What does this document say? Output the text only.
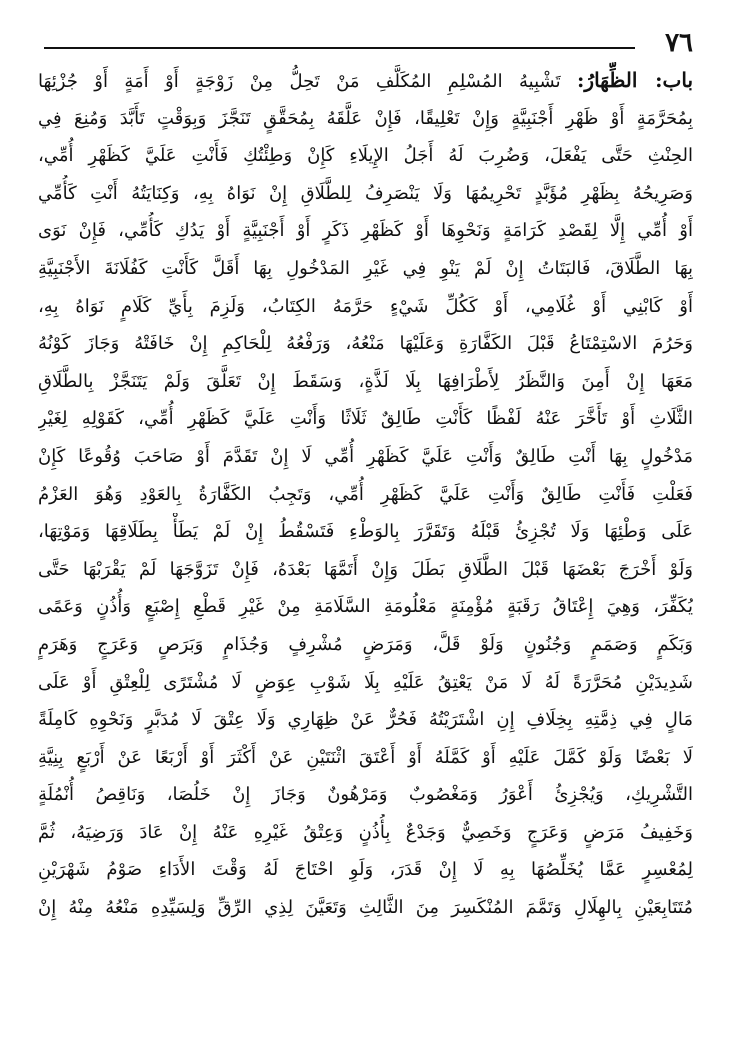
٧٦
باب: الظِّهَارُ: تَشْبِيهُ المُسْلِمِ المُكَلَّفِ مَنْ تَحِلُّ مِنْ زَوْجَةٍ أَوْ أَمَةٍ أَوْ جُزْئِهَا
بِمُحَرَّمَةٍ أَوْ ظَهْرِ أَجْنَبِيَّةٍ وَإِنْ تَعْلِيقًا، فَإِنْ عَلَّقَهُ بِمُحَقَّقٍ تَنَجَّزَ وَبِوَقْتٍ تَأَبَّدَ وَمُنِعَ فِي
الحِنْثِ حَتَّى يَفْعَلَ، وَضُرِبَ لَهُ أَجَلُ الإِيلَاءِ كَإِنْ وَطِئْتُكِ فَأَنْتِ عَلَيَّ كَظَهْرِ أُمِّي،
وَصَرِيحُهُ بِظَهْرِ مُؤَبَّدٍ تَحْرِيمُهَا وَلَا يَنْصَرِفُ لِلطَّلَاقِ إِنْ نَوَاهُ بِهِ، وَكِنَايَتُهُ أَنْتِ كَأُمِّي
أَوْ أُمِّي إِلَّا لِقَصْدِ كَرَامَةٍ وَنَحْوِهَا أَوْ كَظَهْرِ ذَكَرٍ أَوْ أَجْنَبِيَّةٍ أَوْ يَدُكِ كَأُمِّي، فَإِنْ نَوَى
بِهَا الطَّلَاقَ، فَالبَتَاتُ إِنْ لَمْ يَنْوِ فِي غَيْرِ المَدْخُولِ بِهَا أَقَلَّ كَأَنْتِ كَفُلَانَةَ الأَجْنَبِيَّةِ
أَوْ كَابْنِي أَوْ غُلَامِي، أَوْ كَكُلِّ شَيْءٍ حَرَّمَهُ الكِتَابُ، وَلَزِمَ بِأَيِّ كَلَامٍ نَوَاهُ بِهِ،
وَحَرُمَ الاسْتِمْتَاعُ قَبْلَ الكَفَّارَةِ وَعَلَيْهَا مَنْعُهُ، وَرَفْعُهُ لِلْحَاكِمِ إِنْ خَافَتْهُ وَجَازَ كَوْنُهُ
مَعَهَا إِنْ أَمِنَ وَالنَّظَرُ لِأَطْرَافِهَا بِلَا لَذَّةٍ، وَسَقَطَ إِنْ تَعَلَّقَ وَلَمْ يَتَنَجَّزْ بِالطَّلَاقِ
الثَّلَاثِ أَوْ تَأَخَّرَ عَنْهُ لَفْظًا كَأَنْتِ طَالِقٌ ثَلَاثًا وَأَنْتِ عَلَيَّ كَظَهْرِ أُمِّي، كَقَوْلِهِ لِغَيْرِ
مَدْخُولٍ بِهَا أَنْتِ طَالِقٌ وَأَنْتِ عَلَيَّ كَظَهْرِ أُمِّي لَا إِنْ تَقَدَّمَ أَوْ صَاحَبَ وُقُوعًا كَإِنْ
فَعَلْتِ فَأَنْتِ طَالِقٌ وَأَنْتِ عَلَيَّ كَظَهْرِ أُمِّي، وَتَجِبُ الكَفَّارَةُ بِالعَوْدِ وَهُوَ العَزْمُ
عَلَى وَطْئِهَا وَلَا تُجْزِئُ قَبْلَهُ وَتَقَرَّرَ بِالوَطْءِ فَتَسْقُطُ إِنْ لَمْ يَطَأْ بِطَلَاقِهَا وَمَوْتِهَا،
وَلَوْ أَخْرَجَ بَعْضَهَا قَبْلَ الطَّلَاقِ بَطَلَ وَإِنْ أَتَمَّهَا بَعْدَهُ، فَإِنْ تَزَوَّجَهَا لَمْ يَقْرَبْهَا حَتَّى
يُكَفِّرَ، وَهِيَ إِعْتَاقُ رَقَبَةٍ مُؤْمِنَةٍ مَعْلُومَةِ السَّلَامَةِ مِنْ غَيْرِ قَطْعِ إِصْبَعٍ وَأُذُنٍ وَعَمًى
وَبَكَمٍ وَصَمَمٍ وَجُنُونٍ وَلَوْ قَلَّ، وَمَرَضٍ مُشْرِفٍ وَجُذَامٍ وَبَرَصٍ وَعَرَجٍ وَهَرَمٍ
شَدِيدَيْنِ مُحَرَّرَةً لَهُ لَا مَنْ يَعْتِقُ عَلَيْهِ بِلَا شَوْبِ عِوَضٍ لَا مُشْتَرًى لِلْعِتْقِ أَوْ عَلَى
مَالٍ فِي ذِمَّتِهِ بِخِلَافِ إِنِ اشْتَرَيْتُهُ فَحُرٌّ عَنْ ظِهَارِي وَلَا عِتْقَ لَا مُدَبَّرٍ وَنَحْوِهِ كَامِلَةً
لَا بَعْضًا وَلَوْ كَمَّلَ عَلَيْهِ أَوْ كَمَّلَهُ أَوْ أَعْتَقَ اثْنَتَيْنِ عَنْ أَكْثَرَ أَوْ أَرْبَعًا عَنْ أَرْبَعٍ بِنِيَّةِ
التَّشْرِيكِ، وَيُجْزِئُ أَعْوَرُ وَمَغْصُوبٌ وَمَرْهُونٌ وَجَازَ إِنْ خَلُصَا، وَنَاقِصُ أُنْمُلَةٍ
وَخَفِيفُ مَرَضٍ وَعَرَجٍ وَخَصِيٌّ وَجَدْعٌ بِأُذُنٍ وَعِتْقُ غَيْرِهِ عَنْهُ إِنْ عَادَ وَرَضِيَهُ، ثُمَّ
لِمُعْسِرٍ عَمَّا يُخَلِّصُهَا بِهِ لَا إِنْ قَدَرَ، وَلَوِ احْتَاجَ لَهُ وَقْتَ الأَدَاءِ صَوْمُ شَهْرَيْنِ
مُتَتَابِعَيْنِ بِالهِلَالِ وَتَمَّمَ المُنْكَسِرَ مِنَ الثَّالِثِ وَتَعَيَّنَ لِذِي الرِّقِّ وَلِسَيِّدِهِ مَنْعُهُ مِنْهُ إِنْ
